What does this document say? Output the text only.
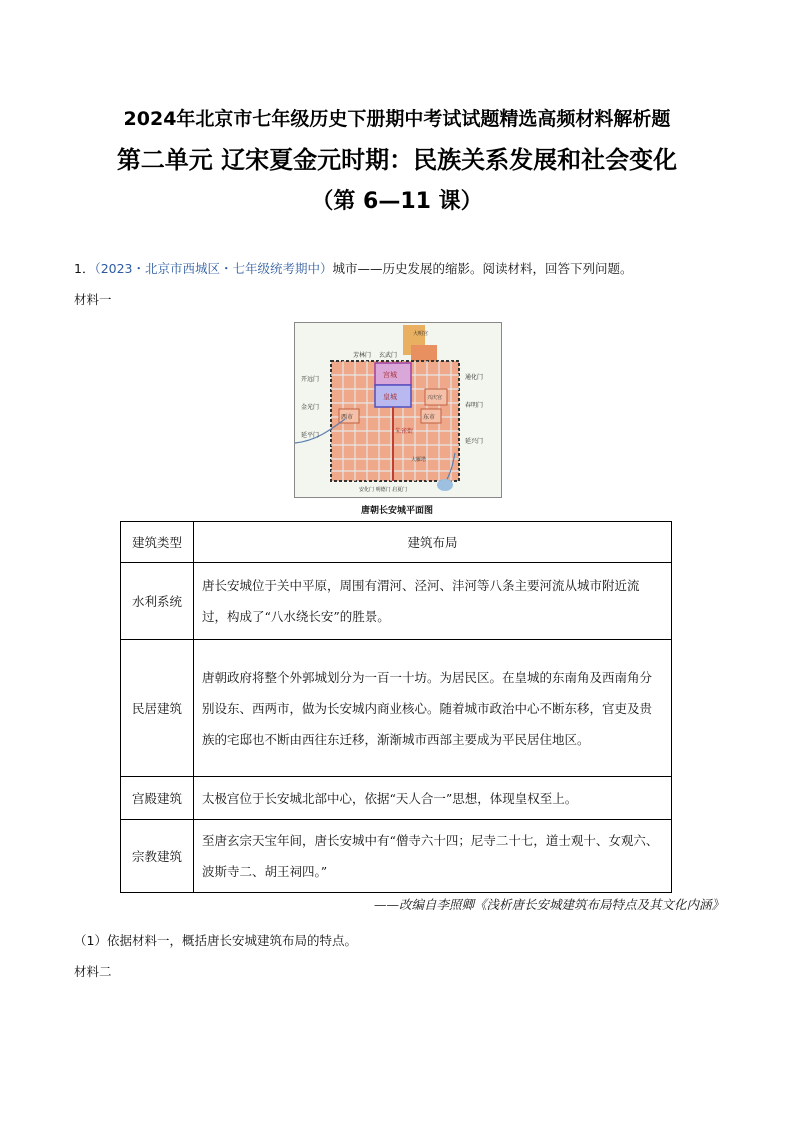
2024年北京市七年级历史下册期中考试试题精选高频材料解析题
第二单元 辽宋夏金元时期：民族关系发展和社会变化
（第 6—11 课）
1．（2023・北京市西城区・七年级统考期中）城市——历史发展的缩影。阅读材料，回答下列问题。
材料一
芳林门 玄武门
大明宫
开远门
金光门
延平门
通化门
春明门
延兴门
宫城
皇城	兴庆宫
西市	东市
朱雀街
大雁塔
安化门 明德门 启夏门
唐朝长安城平面图
建筑类型	建筑布局
水利系统	唐长安城位于关中平原，周围有渭河、泾河、沣河等八条主要河流从城市附近流过，构成了“八水绕长安”的胜景。
民居建筑	唐朝政府将整个外郭城划分为一百一十坊。为居民区。在皇城的东南角及西南角分别设东、西两市，做为长安城内商业核心。随着城市政治中心不断东移，官吏及贵族的宅邸也不断由西往东迁移，渐渐城市西部主要成为平民居住地区。
宫殿建筑	太极宫位于长安城北部中心，依据“天人合一”思想，体现皇权至上。
宗教建筑	至唐玄宗天宝年间，唐长安城中有“僧寺六十四；尼寺二十七，道士观十、女观六、波斯寺二、胡王祠四。”
——改编自李照卿《浅析唐长安城建筑布局特点及其文化内涵》
（1）依据材料一，概括唐长安城建筑布局的特点。
材料二
